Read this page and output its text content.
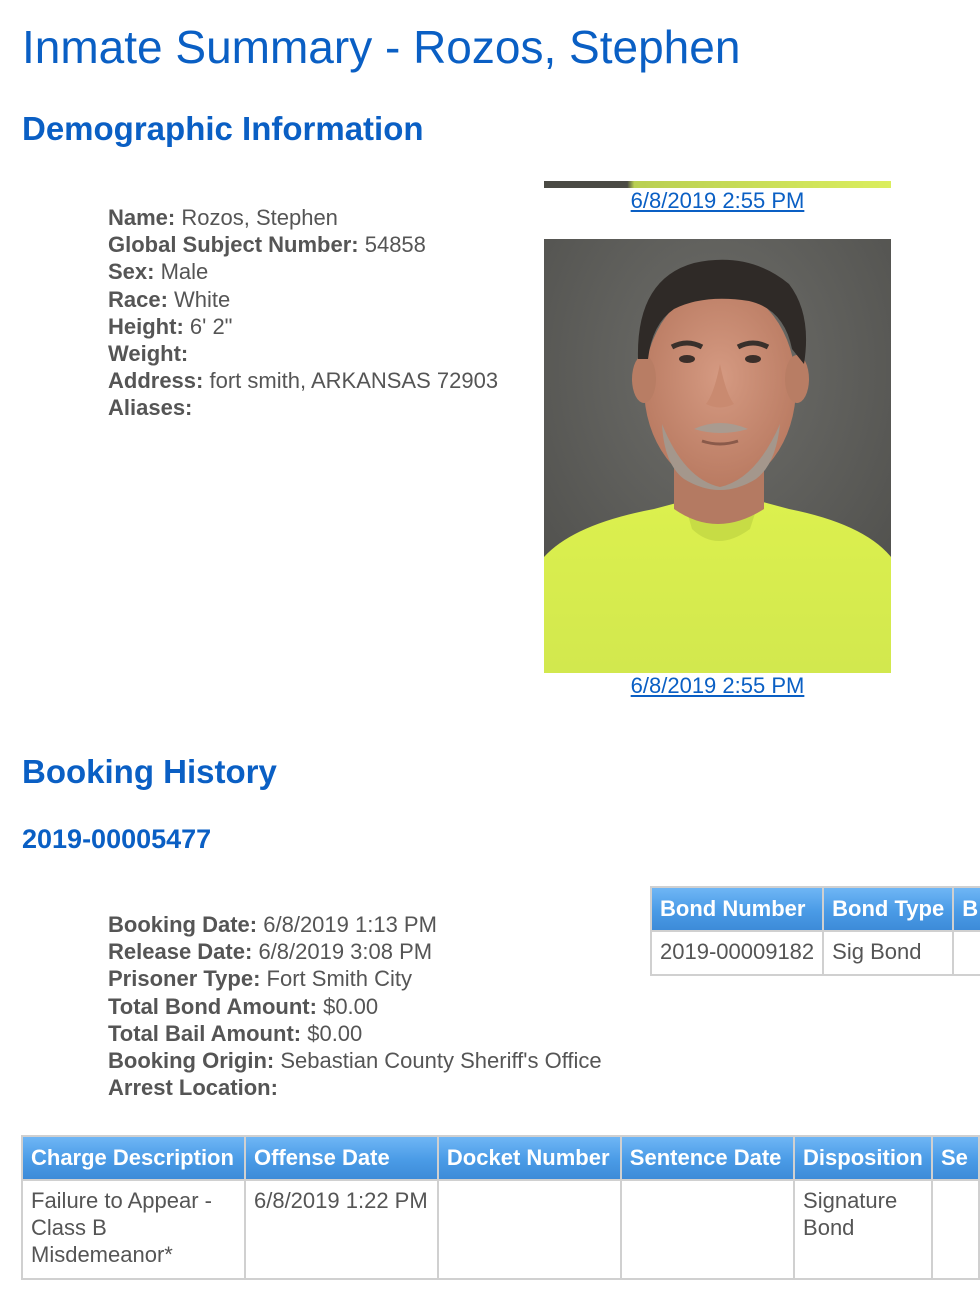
Inmate Summary - Rozos, Stephen
Demographic Information
Name: Rozos, Stephen
Global Subject Number: 54858
Sex: Male
Race: White
Height: 6' 2"
Weight:
Address: fort smith, ARKANSAS 72903
Aliases:
6/8/2019 2:55 PM
6/8/2019 2:55 PM
Booking History
2019-00005477
Booking Date: 6/8/2019 1:13 PM
Release Date: 6/8/2019 3:08 PM
Prisoner Type: Fort Smith City
Total Bond Amount: $0.00
Total Bail Amount: $0.00
Booking Origin: Sebastian County Sheriff's Office
Arrest Location:
Bond Number	Bond Type	B
2019-00009182	Sig Bond	
Charge Description	Offense Date	Docket Number	Sentence Date	Disposition	Se
Failure to Appear - Class B Misdemeanor*	6/8/2019 1:22 PM			Signature Bond	
